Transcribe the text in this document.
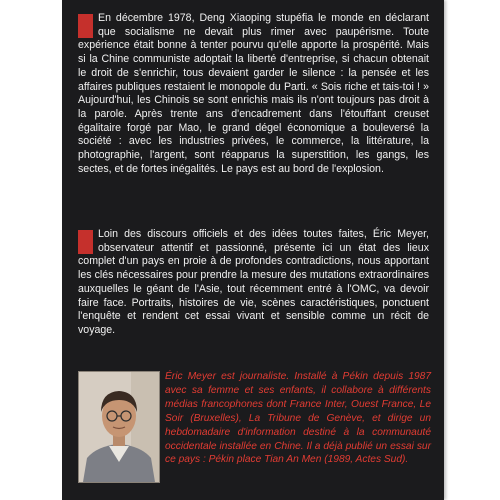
En décembre 1978, Deng Xiaoping stupéfia le monde en déclarant que socialisme ne devait plus rimer avec paupérisme. Toute expérience était bonne à tenter pourvu qu'elle apporte la prospérité. Mais si la Chine communiste adoptait la liberté d'entreprise, si chacun obtenait le droit de s'enrichir, tous devaient garder le silence : la pensée et les affaires publiques restaient le monopole du Parti. « Sois riche et tais-toi ! » Aujourd'hui, les Chinois se sont enrichis mais ils n'ont toujours pas droit à la parole. Après trente ans d'encadrement dans l'étouffant creuset égalitaire forgé par Mao, le grand dégel économique a bouleversé la société : avec les industries privées, le commerce, la littérature, la photographie, l'argent, sont réapparus la superstition, les gangs, les sectes, et de fortes inégalités. Le pays est au bord de l'explosion.

Loin des discours officiels et des idées toutes faites, Éric Meyer, observateur attentif et passionné, présente ici un état des lieux complet d'un pays en proie à de profondes contradictions, nous apportant les clés nécessaires pour prendre la mesure des mutations extraordinaires auxquelles le géant de l'Asie, tout récemment entré à l'OMC, va devoir faire face. Portraits, histoires de vie, scènes caractéristiques, ponctuent l'enquête et rendent cet essai vivant et sensible comme un récit de voyage.

Éric Meyer est journaliste. Installé à Pékin depuis 1987 avec sa femme et ses enfants, il collabore à différents médias francophones dont France Inter, Ouest France, Le Soir (Bruxelles), La Tribune de Genève, et dirige un hebdomadaire d'information destiné à la communauté occidentale installée en Chine. Il a déjà publié un essai sur ce pays : Pékin place Tian An Men (1989, Actes Sud).
